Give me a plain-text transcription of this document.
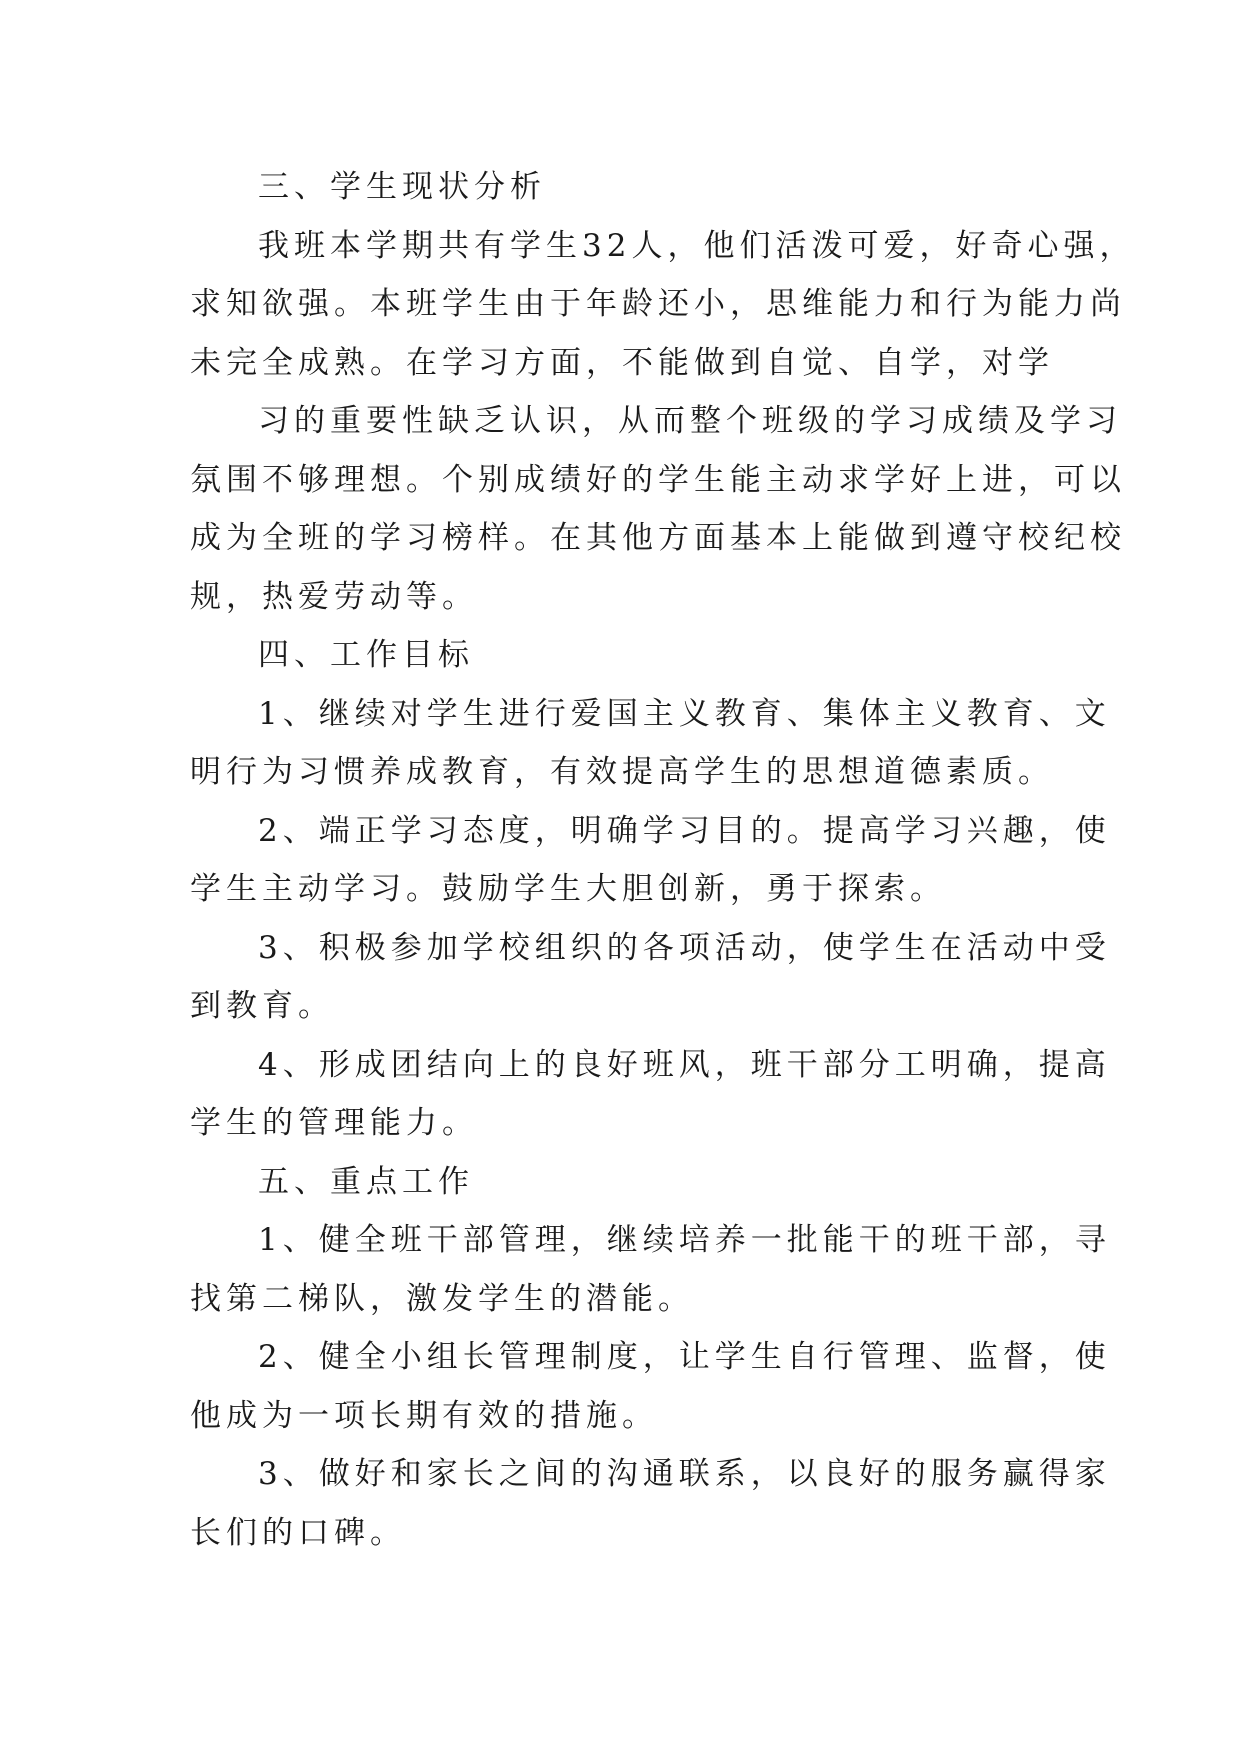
三、学生现状分析
我班本学期共有学生32人，他们活泼可爱，好奇心强，
求知欲强。本班学生由于年龄还小，思维能力和行为能力尚
未完全成熟。在学习方面，不能做到自觉、自学，对学
习的重要性缺乏认识，从而整个班级的学习成绩及学习
氛围不够理想。个别成绩好的学生能主动求学好上进，可以
成为全班的学习榜样。在其他方面基本上能做到遵守校纪校
规，热爱劳动等。
四、工作目标
1、继续对学生进行爱国主义教育、集体主义教育、文
明行为习惯养成教育，有效提高学生的思想道德素质。
2、端正学习态度，明确学习目的。提高学习兴趣，使
学生主动学习。鼓励学生大胆创新，勇于探索。
3、积极参加学校组织的各项活动，使学生在活动中受
到教育。
4、形成团结向上的良好班风，班干部分工明确，提高
学生的管理能力。
五、重点工作
1、健全班干部管理，继续培养一批能干的班干部，寻
找第二梯队，激发学生的潜能。
2、健全小组长管理制度，让学生自行管理、监督，使
他成为一项长期有效的措施。
3、做好和家长之间的沟通联系，以良好的服务赢得家
长们的口碑。
